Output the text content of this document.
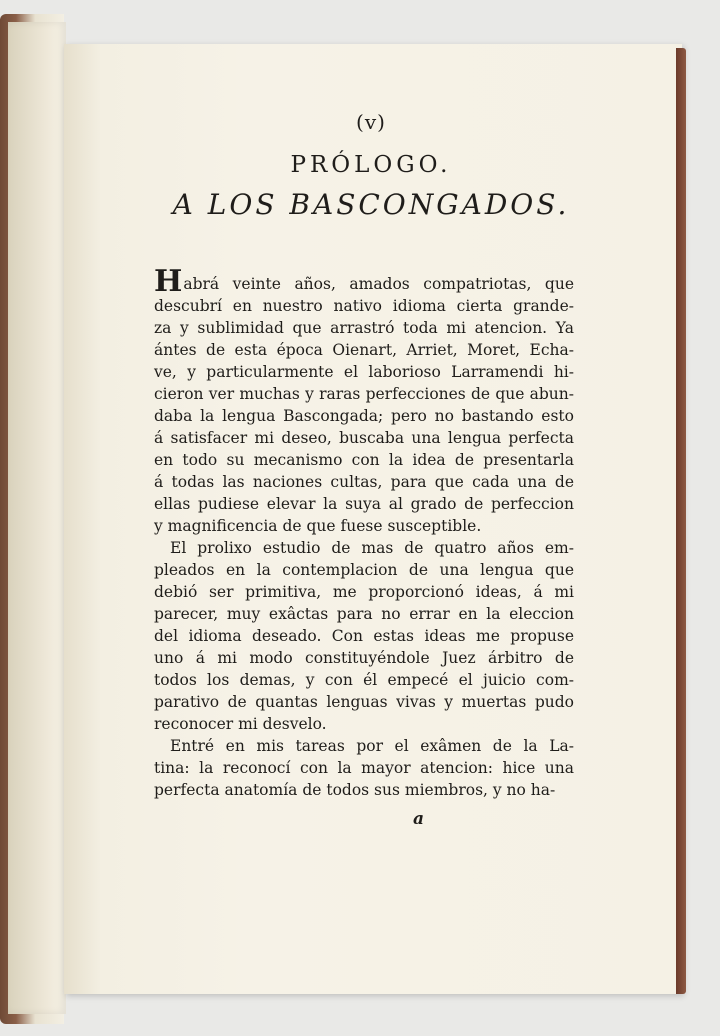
(v)
PRÓLOGO.
A LOS BASCONGADOS.
Habrá veinte años, amados compatriotas, que
descubrí en nuestro nativo idioma cierta grande-
za y sublimidad que arrastró toda mi atencion. Ya
ántes de esta época Oienart, Arriet, Moret, Echa-
ve, y particularmente el laborioso Larramendi hi-
cieron ver muchas y raras perfecciones de que abun-
daba la lengua Bascongada; pero no bastando esto
á satisfacer mi deseo, buscaba una lengua perfecta
en todo su mecanismo con la idea de presentarla
á todas las naciones cultas, para que cada una de
ellas pudiese elevar la suya al grado de perfeccion
y magnificencia de que fuese susceptible.
El prolixo estudio de mas de quatro años em-
pleados en la contemplacion de una lengua que
debió ser primitiva, me proporcionó ideas, á mi
parecer, muy exâctas para no errar en la eleccion
del idioma deseado. Con estas ideas me propuse
uno á mi modo constituyéndole Juez árbitro de
todos los demas, y con él empecé el juicio com-
parativo de quantas lenguas vivas y muertas pudo
reconocer mi desvelo.
Entré en mis tareas por el exâmen de la La-
tina: la reconocí con la mayor atencion: hice una
perfecta anatomía de todos sus miembros, y no ha-
a
